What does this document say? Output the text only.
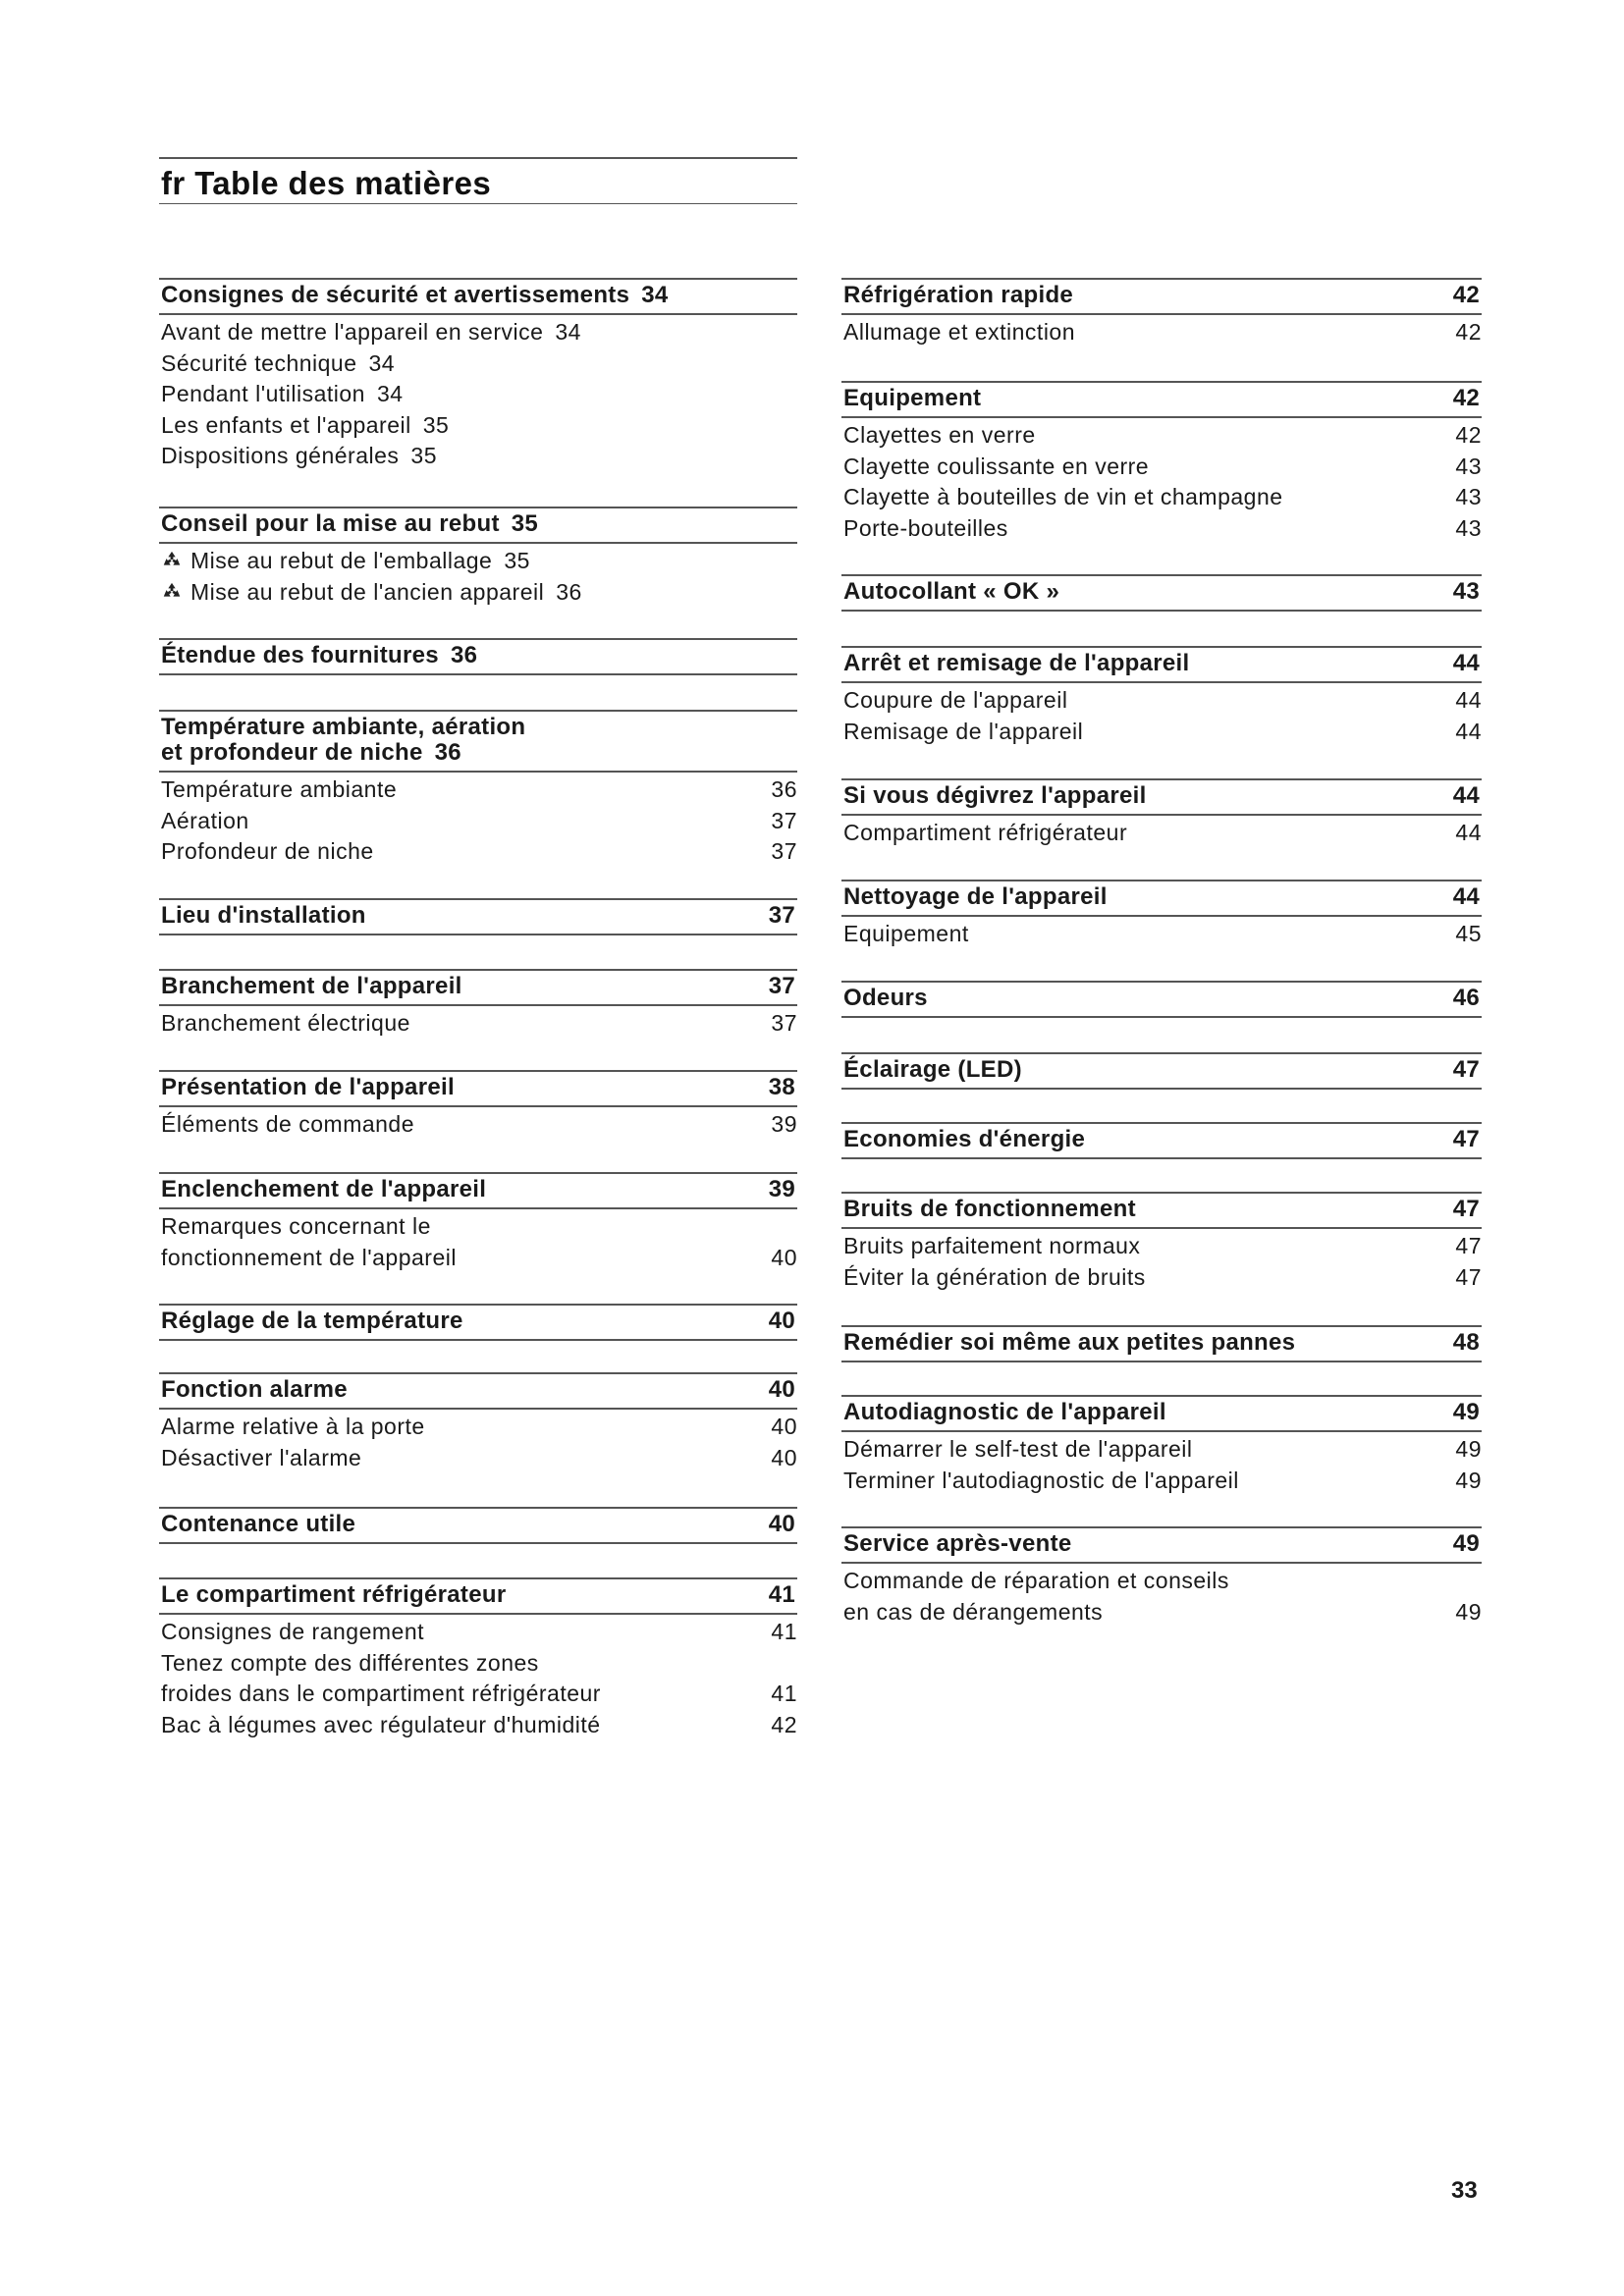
fr Table des matières
Consignes de sécurité et avertissements 34
Avant de mettre l'appareil en service 34
Sécurité technique 34
Pendant l'utilisation 34
Les enfants et l'appareil 35
Dispositions générales 35
Conseil pour la mise au rebut 35
Mise au rebut de l'emballage 35
Mise au rebut de l'ancien appareil 36
Étendue des fournitures 36
Température ambiante, aération
et profondeur de niche 36
Température ambiante	36
Aération	37
Profondeur de niche	37
Lieu d'installation	37
Branchement de l'appareil	37
Branchement électrique	37
Présentation de l'appareil	38
Éléments de commande	39
Enclenchement de l'appareil	39
Remarques concernant le
fonctionnement de l'appareil	40
Réglage de la température	40
Fonction alarme	40
Alarme relative à la porte	40
Désactiver l'alarme	40
Contenance utile	40
Le compartiment réfrigérateur	41
Consignes de rangement	41
Tenez compte des différentes zones
froides dans le compartiment réfrigérateur	41
Bac à légumes avec régulateur d'humidité	42
Réfrigération rapide	42
Allumage et extinction	42
Equipement	42
Clayettes en verre	42
Clayette coulissante en verre	43
Clayette à bouteilles de vin et champagne	43
Porte-bouteilles	43
Autocollant « OK »	43
Arrêt et remisage de l'appareil	44
Coupure de l'appareil	44
Remisage de l'appareil	44
Si vous dégivrez l'appareil	44
Compartiment réfrigérateur	44
Nettoyage de l'appareil	44
Equipement	45
Odeurs	46
Éclairage (LED)	47
Economies d'énergie	47
Bruits de fonctionnement	47
Bruits parfaitement normaux	47
Éviter la génération de bruits	47
Remédier soi même aux petites pannes	48
Autodiagnostic de l'appareil	49
Démarrer le self-test de l'appareil	49
Terminer l'autodiagnostic de l'appareil	49
Service après-vente	49
Commande de réparation et conseils
en cas de dérangements	49
33
